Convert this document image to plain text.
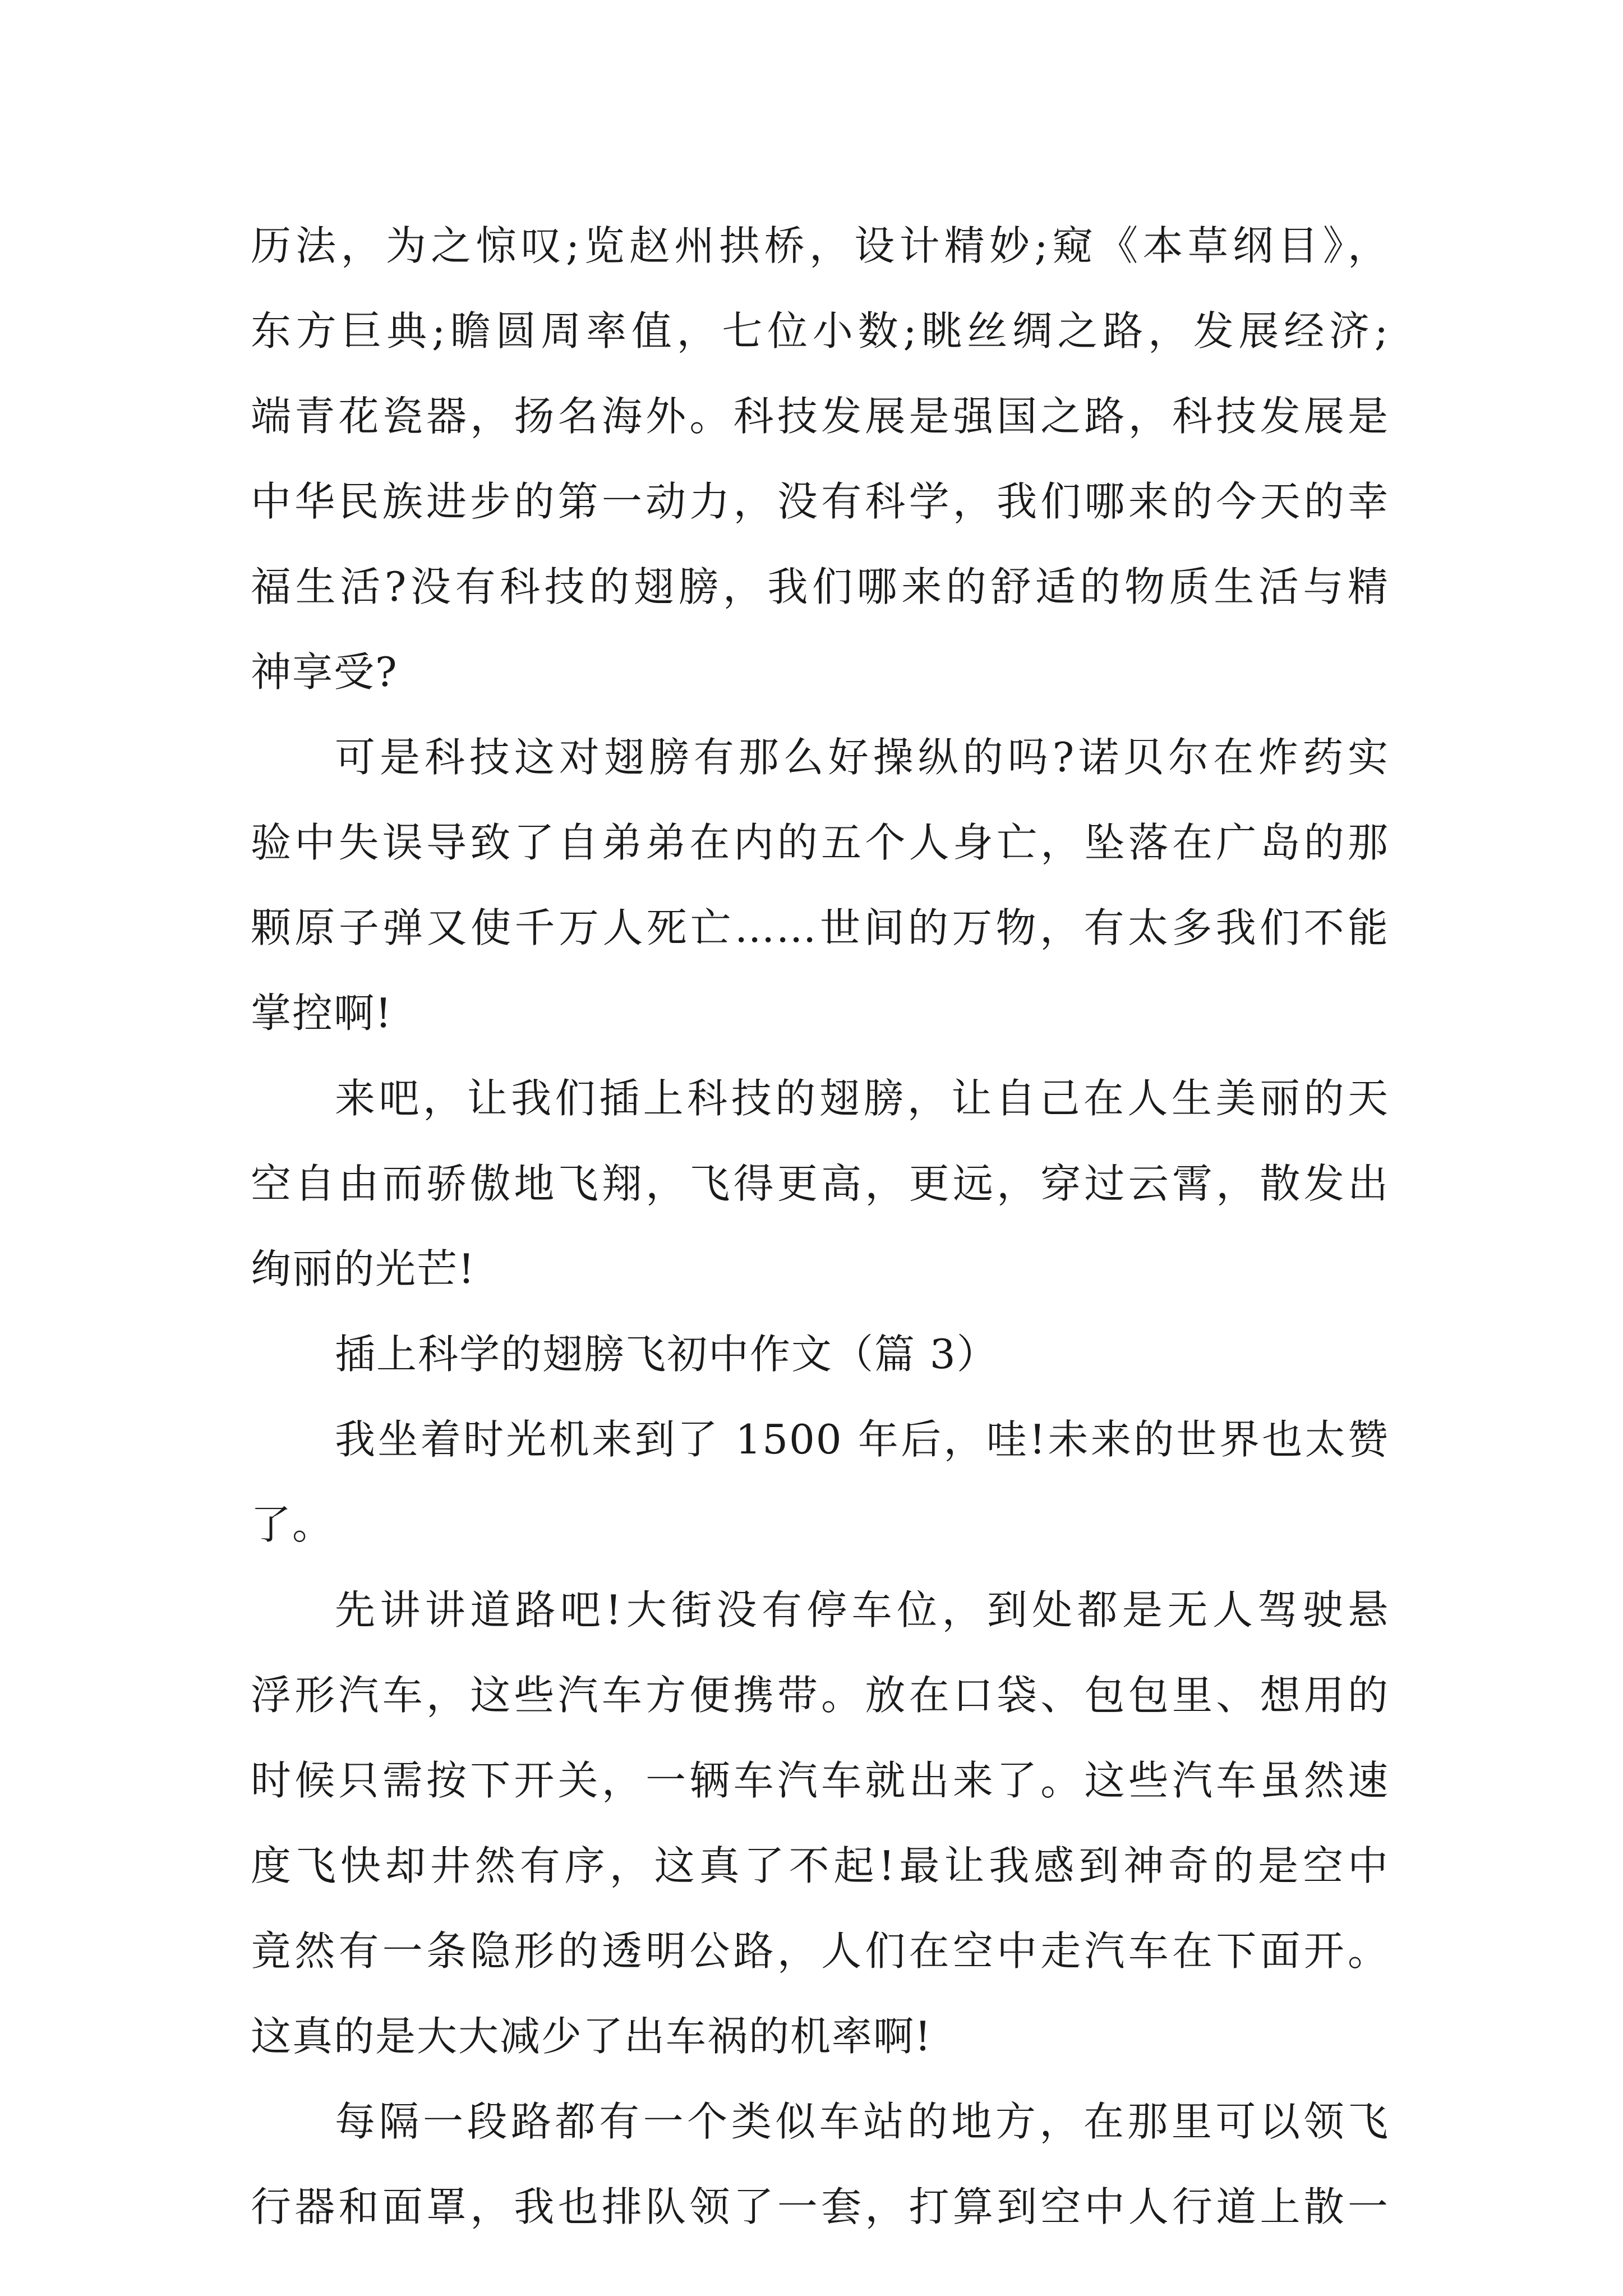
历法，为之惊叹;览赵州拱桥，设计精妙;窥《本草纲目》，
东方巨典;瞻圆周率值，七位小数;眺丝绸之路，发展经济;
端青花瓷器，扬名海外。科技发展是强国之路，科技发展是
中华民族进步的第一动力，没有科学，我们哪来的今天的幸
福生活?没有科技的翅膀，我们哪来的舒适的物质生活与精
神享受?
可是科技这对翅膀有那么好操纵的吗?诺贝尔在炸药实
验中失误导致了自弟弟在内的五个人身亡，坠落在广岛的那
颗原子弹又使千万人死亡……世间的万物，有太多我们不能
掌控啊!
来吧，让我们插上科技的翅膀，让自己在人生美丽的天
空自由而骄傲地飞翔，飞得更高，更远，穿过云霄，散发出
绚丽的光芒!
插上科学的翅膀飞初中作文（篇 3）
我坐着时光机来到了 1500 年后，哇!未来的世界也太赞
了。
先讲讲道路吧!大街没有停车位，到处都是无人驾驶悬
浮形汽车，这些汽车方便携带。放在口袋、包包里、想用的
时候只需按下开关，一辆车汽车就出来了。这些汽车虽然速
度飞快却井然有序，这真了不起!最让我感到神奇的是空中
竟然有一条隐形的透明公路，人们在空中走汽车在下面开。
这真的是大大减少了出车祸的机率啊!
每隔一段路都有一个类似车站的地方，在那里可以领飞
行器和面罩，我也排队领了一套，打算到空中人行道上散一
